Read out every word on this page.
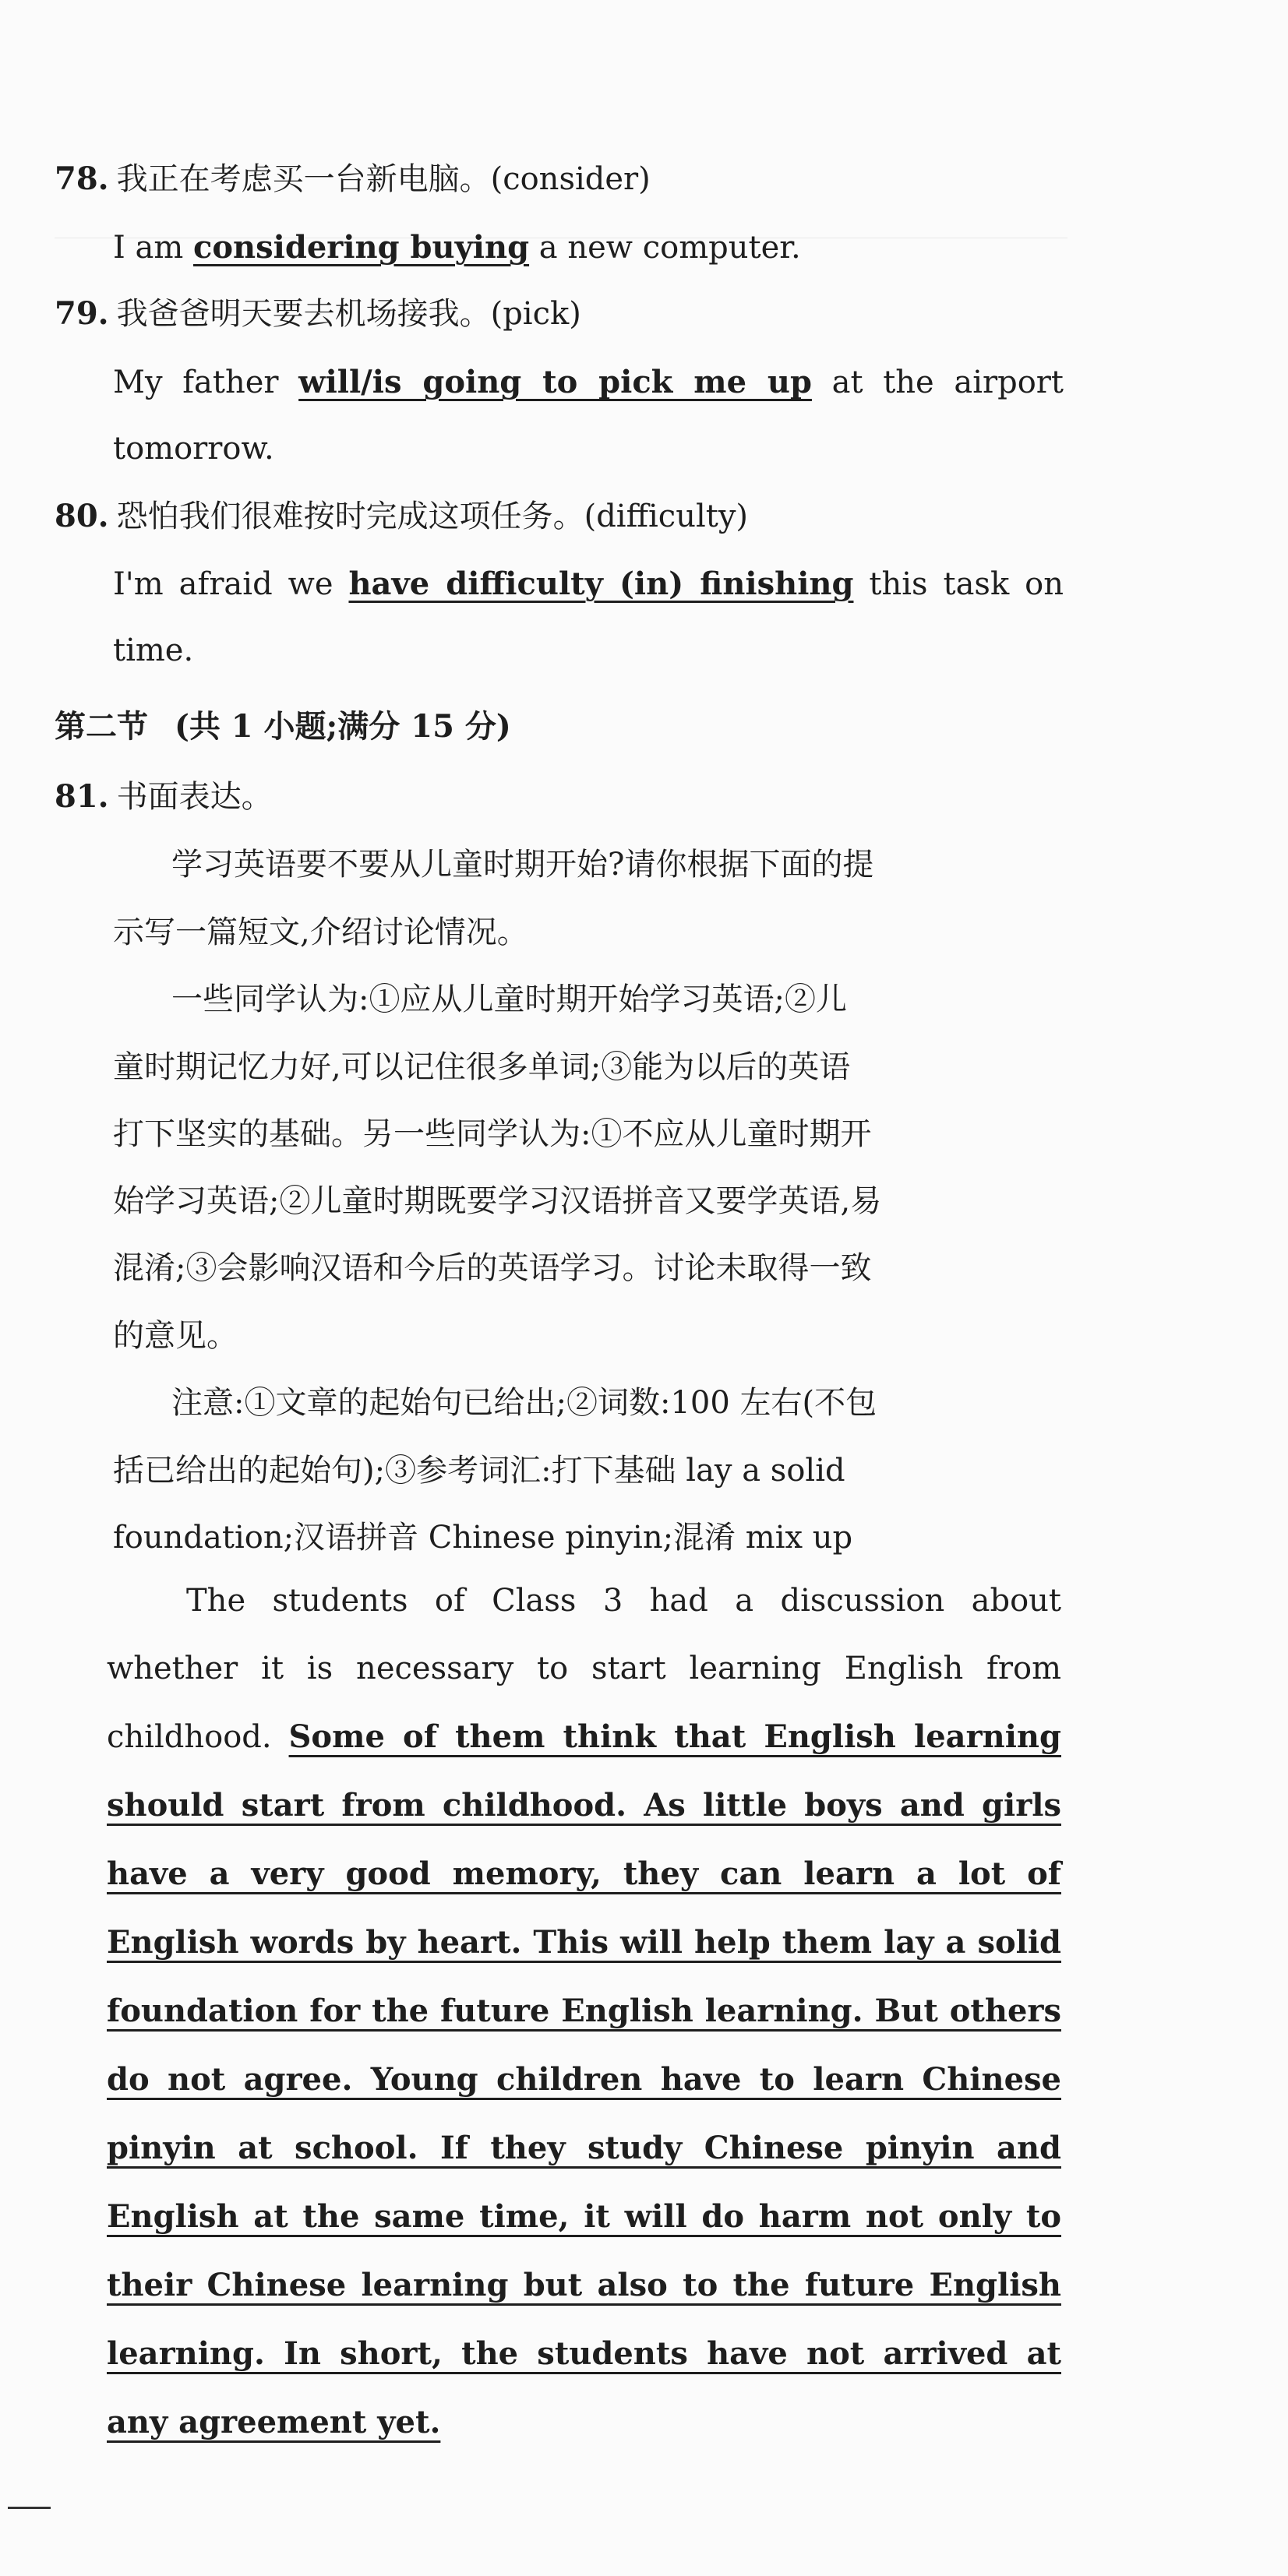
78. 我正在考虑买一台新电脑。(consider)
I am considering buying a new computer.
79. 我爸爸明天要去机场接我。(pick)
My father will/is going to pick me up at the airport
tomorrow.
80. 恐怕我们很难按时完成这项任务。(difficulty)
I'm afraid we have difficulty (in) finishing this task on
time.
第二节 (共 1 小题;满分 15 分)
81. 书面表达。
学习英语要不要从儿童时期开始?请你根据下面的提
示写一篇短文,介绍讨论情况。
一些同学认为:①应从儿童时期开始学习英语;②儿
童时期记忆力好,可以记住很多单词;③能为以后的英语
打下坚实的基础。另一些同学认为:①不应从儿童时期开
始学习英语;②儿童时期既要学习汉语拼音又要学英语,易
混淆;③会影响汉语和今后的英语学习。讨论未取得一致
的意见。
注意:①文章的起始句已给出;②词数:100 左右(不包
括已给出的起始句);③参考词汇:打下基础 lay a solid
foundation;汉语拼音 Chinese pinyin;混淆 mix up
The students of Class 3 had a discussion about whether it is necessary to start learning English from childhood. Some of them think that English learning should start from childhood. As little boys and girls have a very good memory, they can learn a lot of English words by heart. This will help them lay a solid foundation for the future English learning. But others do not agree. Young children have to learn Chinese pinyin at school. If they study Chinese pinyin and English at the same time, it will do harm not only to their Chinese learning but also to the future English learning. In short, the students have not arrived at any agreement yet.
